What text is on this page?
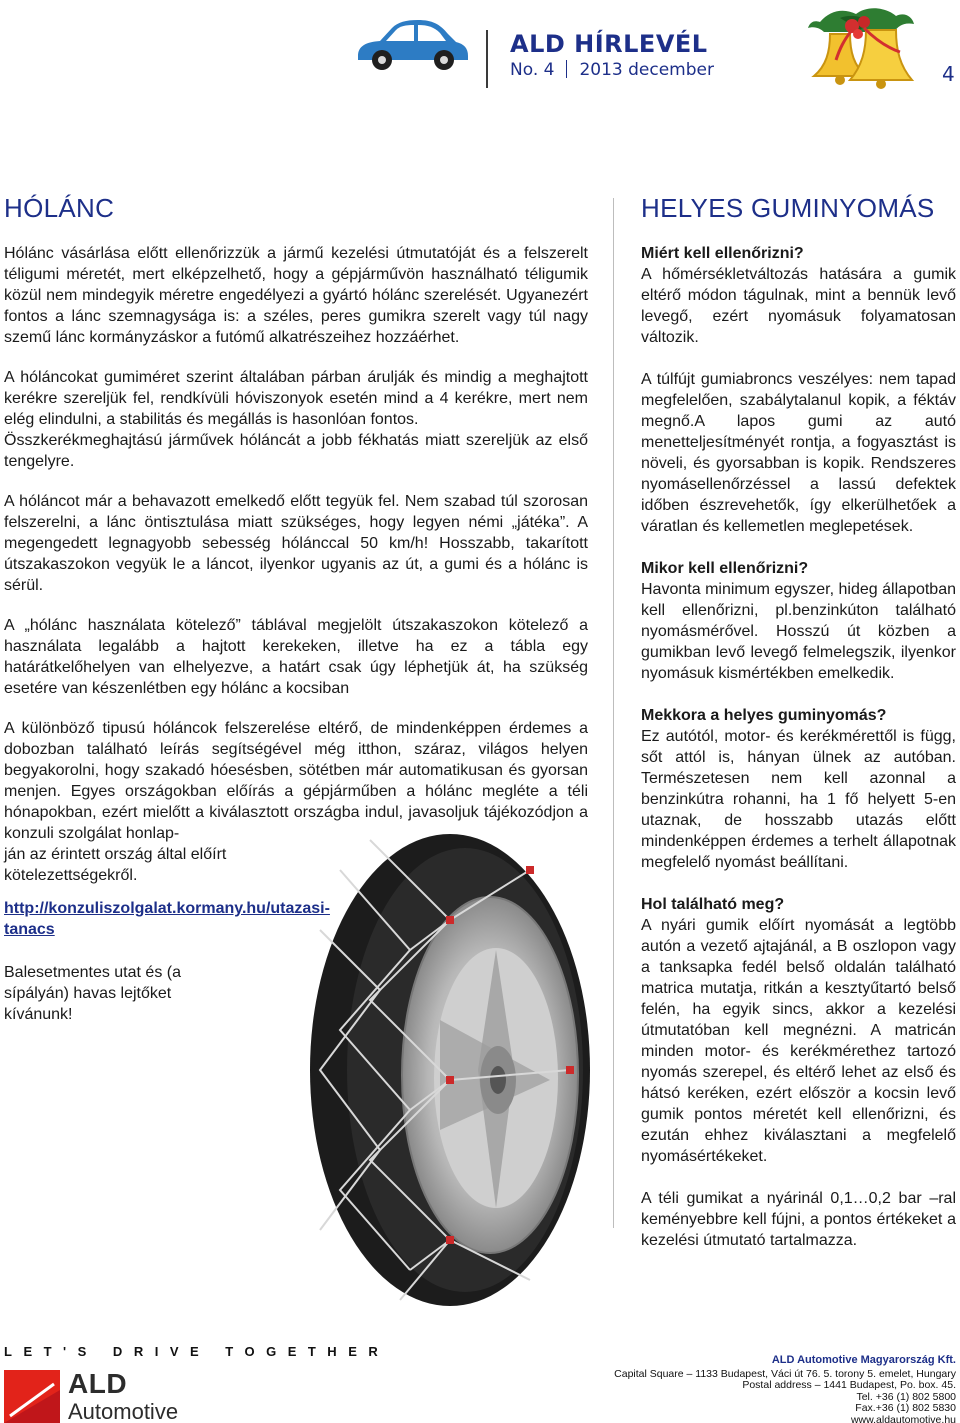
ALD HÍRLEVÉL
No. 4 2013 december	4
HÓLÁNC

Hólánc vásárlása előtt ellenőrizzük a jármű kezelési útmutatóját és a felszerelt téligumi méretét, mert elképzelhető, hogy a gépjárművön használható téligumik közül nem mindegyik méretre engedélyezi a gyártó hólánc szerelését. Ugyanezért fontos a lánc szemnagysága is: a széles, peres gumikra szerelt vagy túl nagy szemű lánc kormányzáskor a futómű alkatrészeihez hozzáérhet.

A hóláncokat gumiméret szerint általában párban árulják és mindig a meghajtott kerékre szereljük fel, rendkívüli hóviszonyok esetén mind a 4 kerékre, mert nem elég elindulni, a stabilitás és megállás is hasonlóan fontos.

Összkerékmeghajtású járművek hóláncát a jobb fékhatás miatt szereljük az első tengelyre.

A hóláncot már a behavazott emelkedő előtt tegyük fel. Nem szabad túl szorosan felszerelni, a lánc öntisztulása miatt szükséges, hogy legyen némi „játéka”. A megengedett legnagyobb sebesség hólánccal 50 km/h! Hosszabb, takarított útszakaszokon vegyük le a láncot, ilyenkor ugyanis az út, a gumi és a hólánc is sérül.

A „hólánc használata kötelező” táblával megjelölt útszakaszokon kötelező a használata legalább a hajtott kerekeken, illetve ha ez a tábla egy határátkelőhelyen van elhelyezve, a határt csak úgy léphetjük át, ha szükség esetére van készenlétben egy hólánc a kocsiban

A különböző tipusú hóláncok felszerelése eltérő, de mindenképpen érdemes a dobozban található leírás segítségével még itthon, száraz, világos helyen begyakorolni, hogy szakadó hóesésben, sötétben már automatikusan és gyorsan menjen. Egyes országokban előírás a gépjárműben a hólánc megléte a téli hónapokban, ezért mielőtt a kiválasztott országba indul, javasoljuk tájékozódjon a konzuli szolgálat honlap-

ján az érintett ország által előírt kötelezettségekről.

http://konzuliszolgalat.kormany.hu/utazasi-tanacs
Balesetmentes utat és (a sípályán) havas lejtőket kívánunk!
HELYES GUMINYOMÁS
Miért kell ellenőrizni?

A hőmérsékletváltozás hatására a gumik eltérő módon tágulnak, mint a bennük levő levegő, ezért nyomásuk folyamatosan változik.

A túlfújt gumiabroncs veszélyes: nem tapad megfelelően, szabálytalanul kopik, a féktáv megnő.A lapos gumi az autó menetteljesítményét rontja, a fogyasztást is növeli, és gyorsabban is kopik. Rendszeres nyomásellenőrzéssel a lassú defektek időben észrevehetők, így elkerülhetőek a váratlan és kellemetlen meglepetések.

Mikor kell ellenőrizni?

Havonta minimum egyszer, hideg állapotban kell ellenőrizni, pl.benzinkúton található nyomásmérővel. Hosszú út közben a gumikban levő levegő felmelegszik, ilyenkor nyomásuk kismértékben emelkedik.

Mekkora a helyes guminyomás?

Ez autótól, motor- és kerékmérettől is függ, sőt attól is, hányan ülnek az autóban. Természetesen nem kell azonnal a benzinkútra rohanni, ha 1 fő helyett 5-en utaznak, de hosszabb utazás előtt mindenképpen érdemes a terhelt állapotnak megfelelő nyomást beállítani.

Hol található meg?

A nyári gumik előírt nyomását a legtöbb autón a vezető ajtajánál, a B oszlopon vagy a tanksapka fedél belső oldalán található matrica mutatja, ritkán a kesztyűtartó belső felén, ha egyik sincs, akkor a kezelési útmutatóban kell megnézni. A matricán minden motor- és kerékmérethez tartozó nyomás szerepel, és eltérő lehet az első és hátsó keréken, ezért először a kocsin levő gumik pontos méretét kell ellenőrizni, és ezután ehhez kiválasztani a megfelelő nyomásértékeket.

A téli gumikat a nyárinál 0,1…0,2 bar –ral keményebbre kell fújni, a pontos értékeket a kezelési útmutató tartalmazza.

LET'S DRIVE TOGETHER
ALD
Automotive
ALD Automotive Magyarország Kft.
Capital Square – 1133 Budapest, Váci út 76. 5. torony 5. emelet, Hungary
Postal address – 1441 Budapest, Po. box. 45.
Tel. +36 (1) 802 5800
Fax.+36 (1) 802 5830
www.aldautomotive.hu
